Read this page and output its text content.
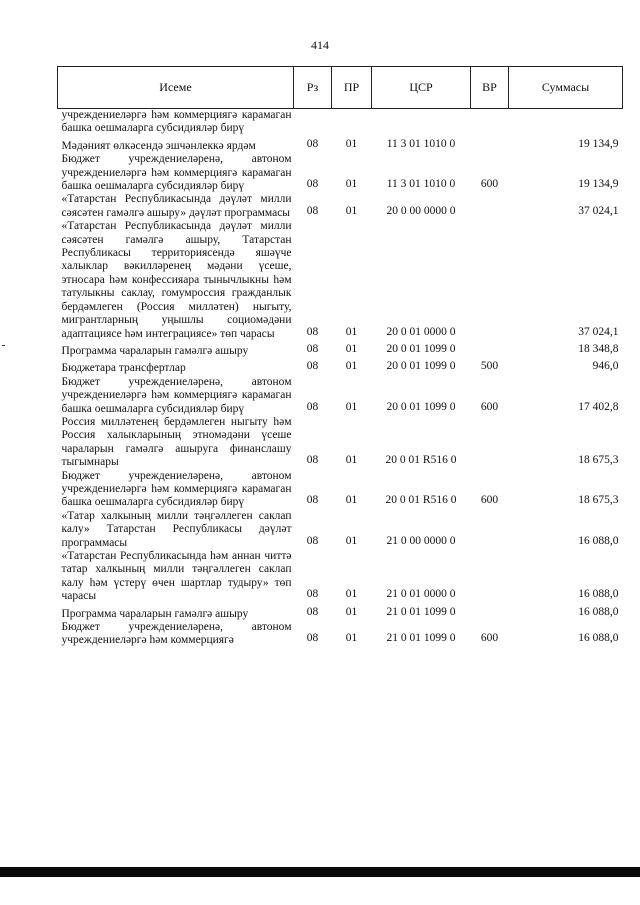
414
Исеме	Рз	ПР	ЦСР	ВР	Суммасы
учреждениеләргә һәм коммерциягә карамаган башка оешмаларга субсидияләр бирү					
Мәдәният өлкәсендә эшчәнлеккә ярдәм	08	01	11 3 01 1010 0		19 134,9
Бюджет учреждениеләренә, автоном учреждениеләргә һәм коммерциягә карамаган башка оешмаларга субсидияләр бирү	08	01	11 3 01 1010 0	600	19 134,9
«Татарстан Республикасында дәүләт милли сәясәтен гамәлгә ашыру» дәүләт программасы	08	01	20 0 00 0000 0		37 024,1
«Татарстан Республикасында дәүләт милли сәясәтен гамәлгә ашыру, Татарстан Республикасы территориясендә яшәүче халыклар вәкилләренең мәдәни үсеше, этносара һәм конфессияара тынычлыкны һәм татулыкны саклау, гомумроссия гражданлык бердәмлеген (Россия милләтен) ныгыту, мигрантларның уңышлы социомәдәни адаптациясе һәм интеграциясе» төп чарасы	08	01	20 0 01 0000 0		37 024,1
Программа чараларын гамәлгә ашыру	08	01	20 0 01 1099 0		18 348,8
Бюджетара трансфертлар	08	01	20 0 01 1099 0	500	946,0
Бюджет учреждениеләренә, автоном учреждениеләргә һәм коммерциягә карамаган башка оешмаларга субсидияләр бирү	08	01	20 0 01 1099 0	600	17 402,8
Россия милләтенең бердәмлеген ныгыту һәм Россия халыкларының этномәдәни үсеше чараларын гамәлгә ашыруга финанслашу тыгымнары	08	01	20 0 01 R516 0		18 675,3
Бюджет учреждениеләренә, автоном учреждениеләргә һәм коммерциягә карамаган башка оешмаларга субсидияләр бирү	08	01	20 0 01 R516 0	600	18 675,3
«Татар халкының милли тәңгәллеген саклап калу» Татарстан Республикасы дәүләт программасы	08	01	21 0 00 0000 0		16 088,0
«Татарстан Республикасында һәм аннан читтә татар халкының милли тәңгәллеген саклап калу һәм үстерү өчен шартлар тудыру» төп чарасы	08	01	21 0 01 0000 0		16 088,0
Программа чараларын гамәлгә ашыру	08	01	21 0 01 1099 0		16 088,0
Бюджет учреждениеләренә, автоном учреждениеләргә һәм коммерциягә	08	01	21 0 01 1099 0	600	16 088,0
